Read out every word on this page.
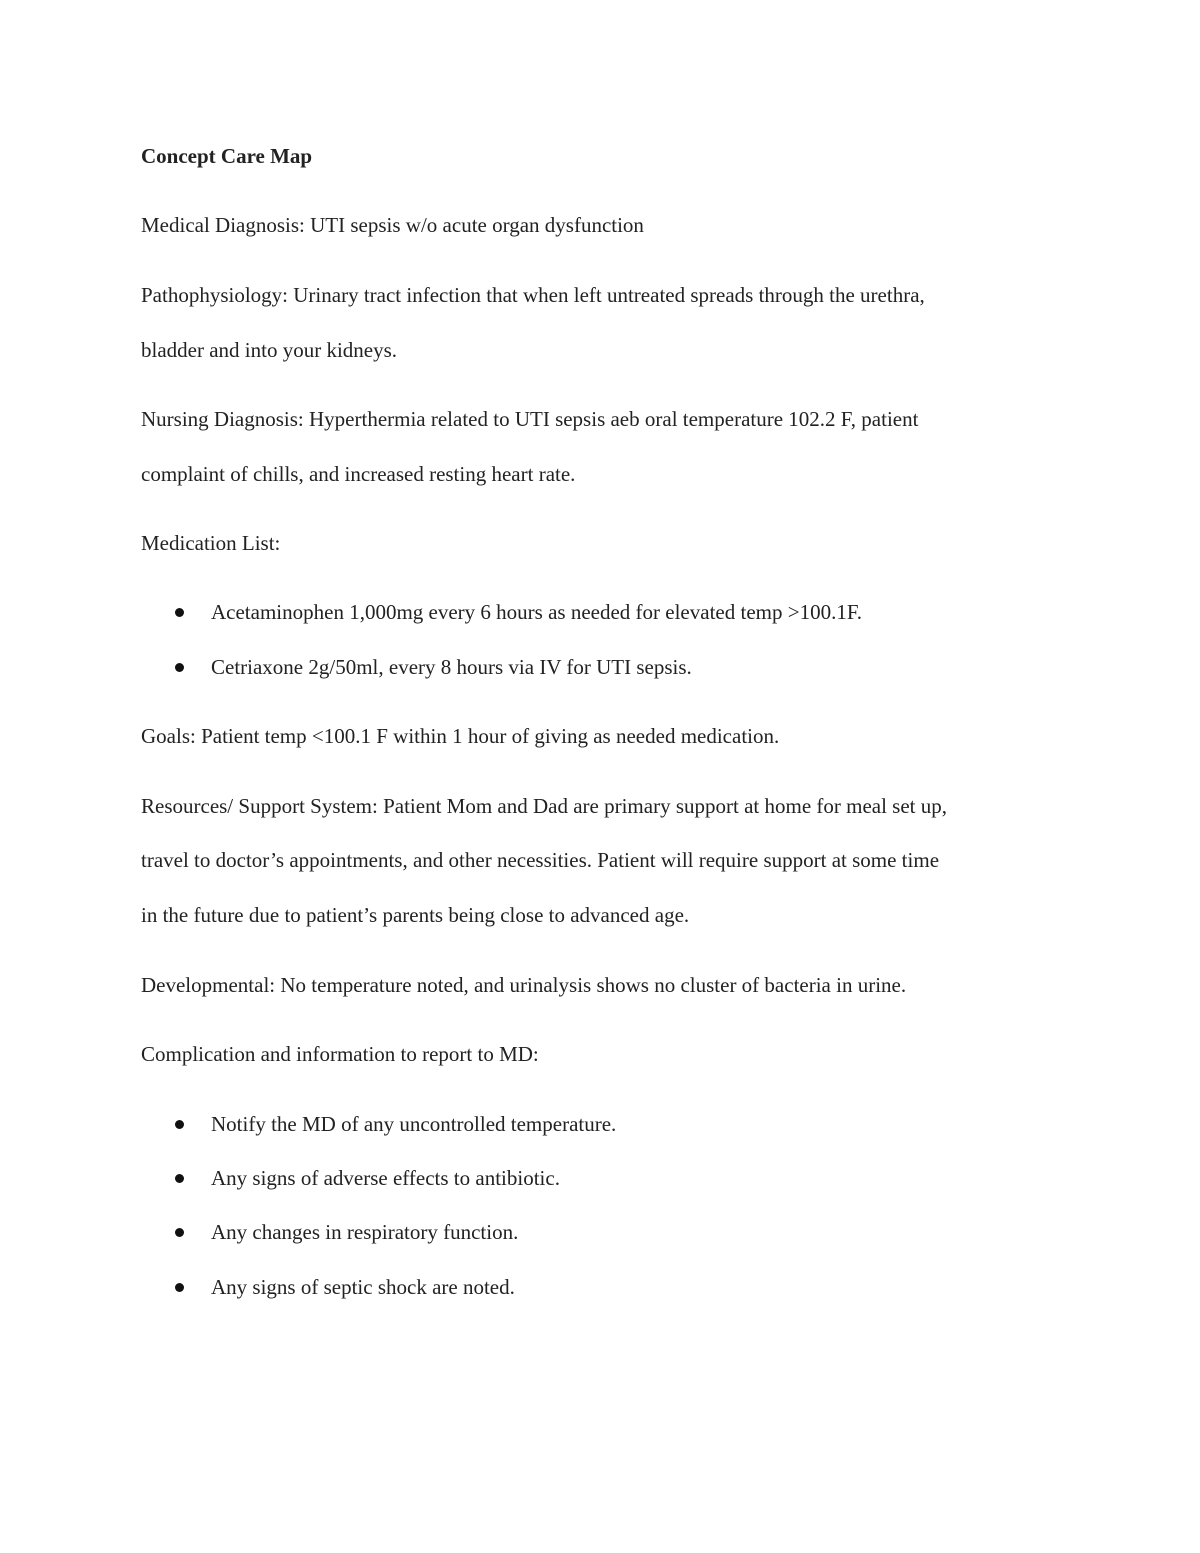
Concept Care Map
Medical Diagnosis: UTI sepsis w/o acute organ dysfunction
Pathophysiology: Urinary tract infection that when left untreated spreads through the urethra,
bladder and into your kidneys.
Nursing Diagnosis: Hyperthermia related to UTI sepsis aeb oral temperature 102.2 F, patient
complaint of chills, and increased resting heart rate.
Medication List:
Acetaminophen 1,000mg every 6 hours as needed for elevated temp >100.1F.
Cetriaxone 2g/50ml, every 8 hours via IV for UTI sepsis.
Goals: Patient temp <100.1 F within 1 hour of giving as needed medication.
Resources/ Support System: Patient Mom and Dad are primary support at home for meal set up,
travel to doctor’s appointments, and other necessities. Patient will require support at some time
in the future due to patient’s parents being close to advanced age.
Developmental: No temperature noted, and urinalysis shows no cluster of bacteria in urine.
Complication and information to report to MD:
Notify the MD of any uncontrolled temperature.
Any signs of adverse effects to antibiotic.
Any changes in respiratory function.
Any signs of septic shock are noted.
